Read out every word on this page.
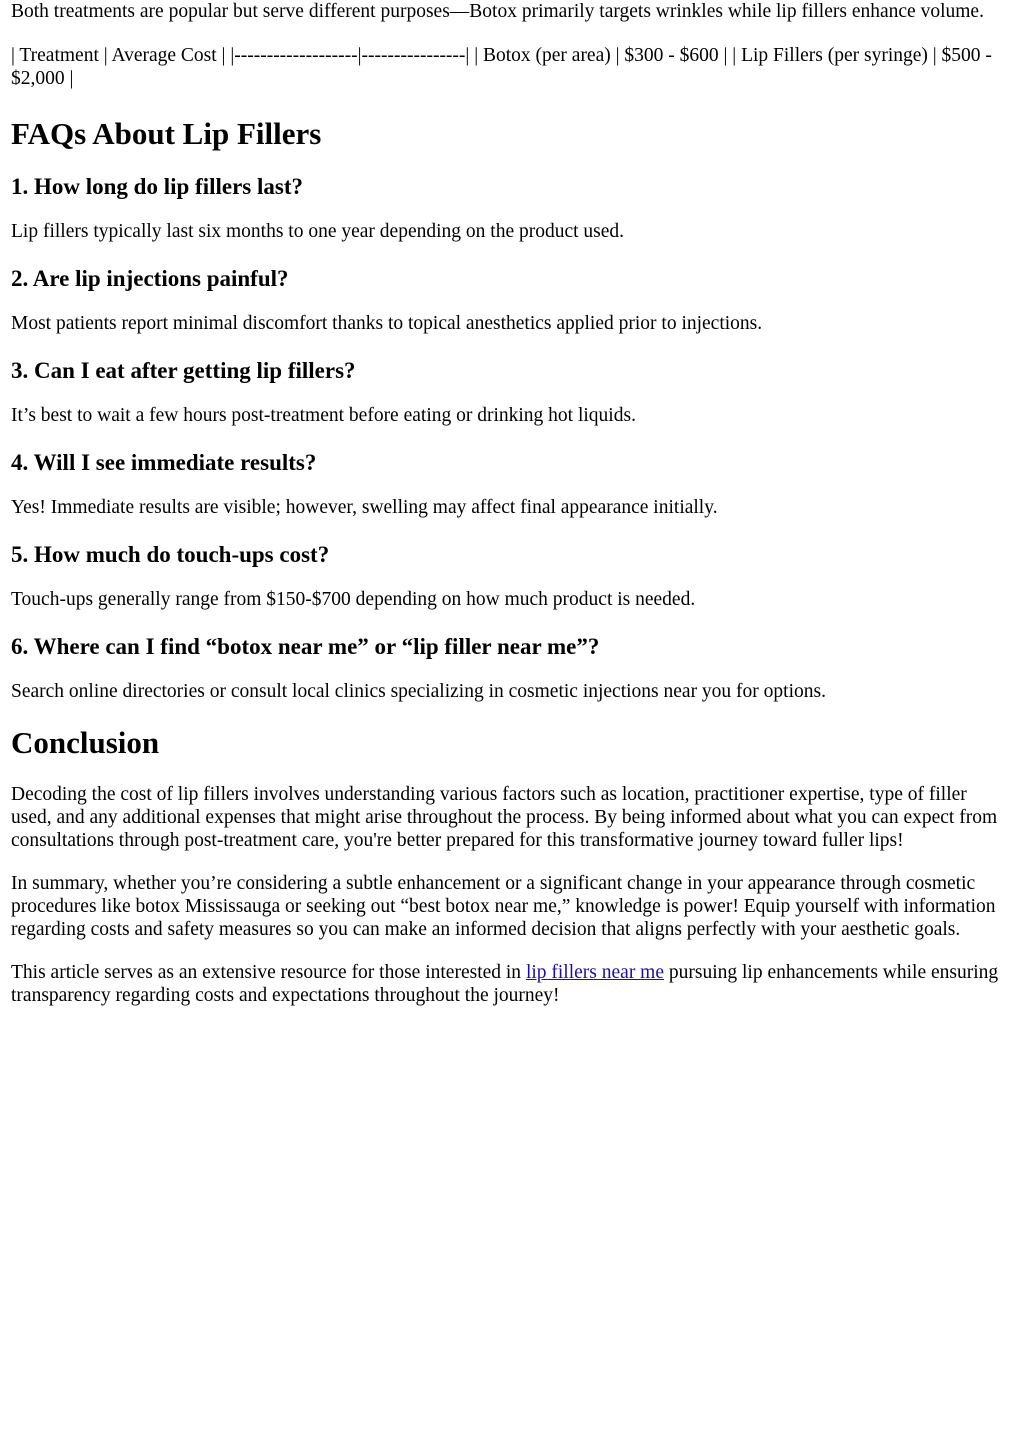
Both treatments are popular but serve different purposes—Botox primarily targets wrinkles while lip fillers enhance volume.

| Treatment | Average Cost | |-------------------|----------------| | Botox (per area) | $300 - $600 | | Lip Fillers (per syringe) | $500 - $2,000 |

FAQs About Lip Fillers
1. How long do lip fillers last?

Lip fillers typically last six months to one year depending on the product used.

2. Are lip injections painful?

Most patients report minimal discomfort thanks to topical anesthetics applied prior to injections.

3. Can I eat after getting lip fillers?

It’s best to wait a few hours post-treatment before eating or drinking hot liquids.

4. Will I see immediate results?

Yes! Immediate results are visible; however, swelling may affect final appearance initially.

5. How much do touch-ups cost?

Touch-ups generally range from $150-$700 depending on how much product is needed.

6. Where can I find “botox near me” or “lip filler near me”?

Search online directories or consult local clinics specializing in cosmetic injections near you for options.

Conclusion

Decoding the cost of lip fillers involves understanding various factors such as location, practitioner expertise, type of filler used, and any additional expenses that might arise throughout the process. By being informed about what you can expect from consultations through post-treatment care, you're better prepared for this transformative journey toward fuller lips!

In summary, whether you’re considering a subtle enhancement or a significant change in your appearance through cosmetic procedures like botox Mississauga or seeking out “best botox near me,” knowledge is power! Equip yourself with information regarding costs and safety measures so you can make an informed decision that aligns perfectly with your aesthetic goals.

This article serves as an extensive resource for those interested in lip fillers near me pursuing lip enhancements while ensuring transparency regarding costs and expectations throughout the journey!
